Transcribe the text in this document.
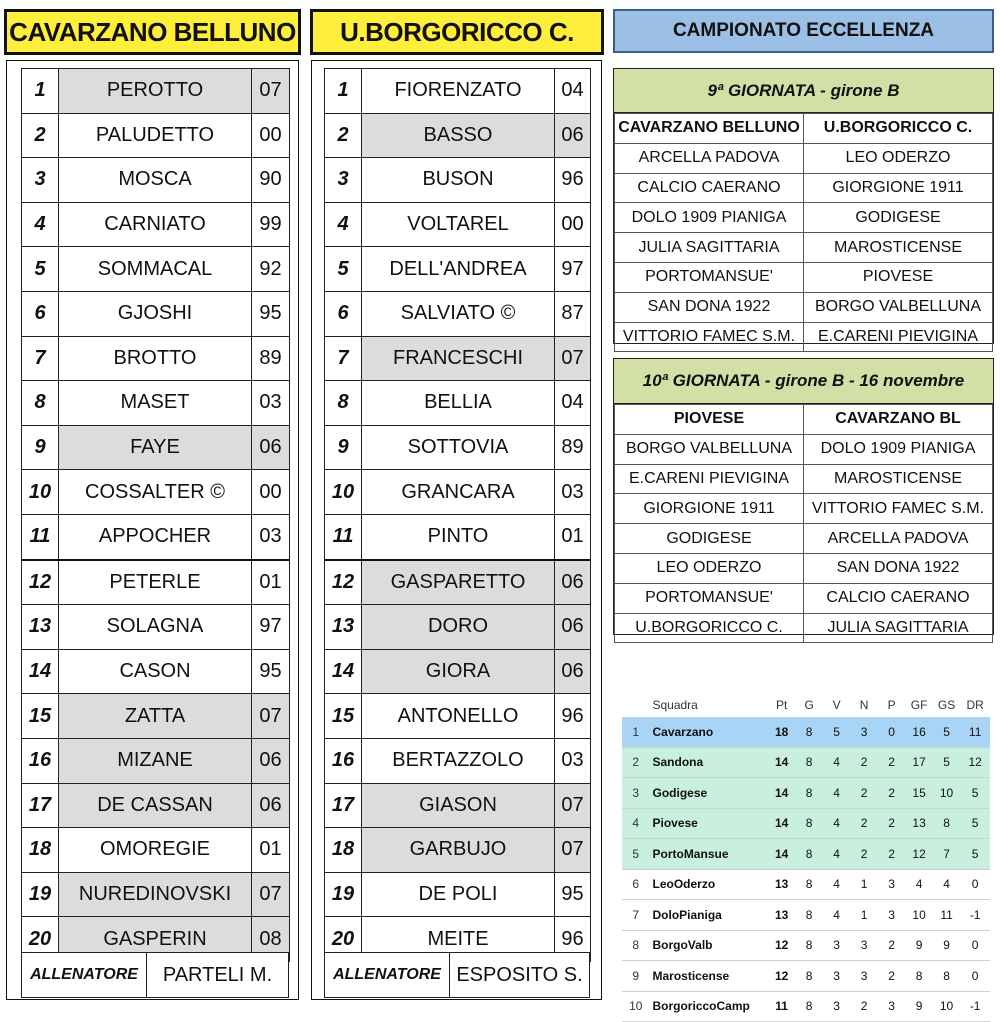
CAVARZANO BELLUNO
1	PEROTTO	07
2	PALUDETTO	00
3	MOSCA	90
4	CARNIATO	99
5	SOMMACAL	92
6	GJOSHI	95
7	BROTTO	89
8	MASET	03
9	FAYE	06
10	COSSALTER ©	00
11	APPOCHER	03
12	PETERLE	01
13	SOLAGNA	97
14	CASON	95
15	ZATTA	07
16	MIZANE	06
17	DE CASSAN	06
18	OMOREGIE	01
19	NUREDINOVSKI	07
20	GASPERIN	08
ALLENATORE	PARTELI M.
U.BORGORICCO C.
1	FIORENZATO	04
2	BASSO	06
3	BUSON	96
4	VOLTAREL	00
5	DELL'ANDREA	97
6	SALVIATO ©	87
7	FRANCESCHI	07
8	BELLIA	04
9	SOTTOVIA	89
10	GRANCARA	03
11	PINTO	01
12	GASPARETTO	06
13	DORO	06
14	GIORA	06
15	ANTONELLO	96
16	BERTAZZOLO	03
17	GIASON	07
18	GARBUJO	07
19	DE POLI	95
20	MEITE	96
ALLENATORE ESPOSITO S.
CAMPIONATO ECCELLENZA
9ª GIORNATA - girone B
CAVARZANO BELLUNO	U.BORGORICCO C.
ARCELLA PADOVA	LEO ODERZO
CALCIO CAERANO	GIORGIONE 1911
DOLO 1909 PIANIGA	GODIGESE
JULIA SAGITTARIA	MAROSTICENSE
PORTOMANSUE'	PIOVESE
SAN DONA 1922	BORGO VALBELLUNA
VITTORIO FAMEC S.M.	E.CARENI PIEVIGINA
10ª GIORNATA - girone B - 16 novembre
PIOVESE	CAVARZANO BL
BORGO VALBELLUNA	DOLO 1909 PIANIGA
E.CARENI PIEVIGINA	MAROSTICENSE
GIORGIONE 1911	VITTORIO FAMEC S.M.
GODIGESE	ARCELLA PADOVA
LEO ODERZO	SAN DONA 1922
PORTOMANSUE'	CALCIO CAERANO
U.BORGORICCO C.	JULIA SAGITTARIA
	Squadra	Pt	G	V	N	P	GF	GS	DR
1	Cavarzano	18	8	5	3	0	16	5	11
2	Sandona	14	8	4	2	2	17	5	12
3	Godigese	14	8	4	2	2	15	10	5
4	Piovese	14	8	4	2	2	13	8	5
5	PortoMansue	14	8	4	2	2	12	7	5
6	LeoOderzo	13	8	4	1	3	4	4	0
7	DoloPianiga	13	8	4	1	3	10	11	-1
8	BorgoValb	12	8	3	3	2	9	9	0
9	Marosticense	12	8	3	3	2	8	8	0
10	BorgoriccoCamp	11	8	3	2	3	9	10	-1
